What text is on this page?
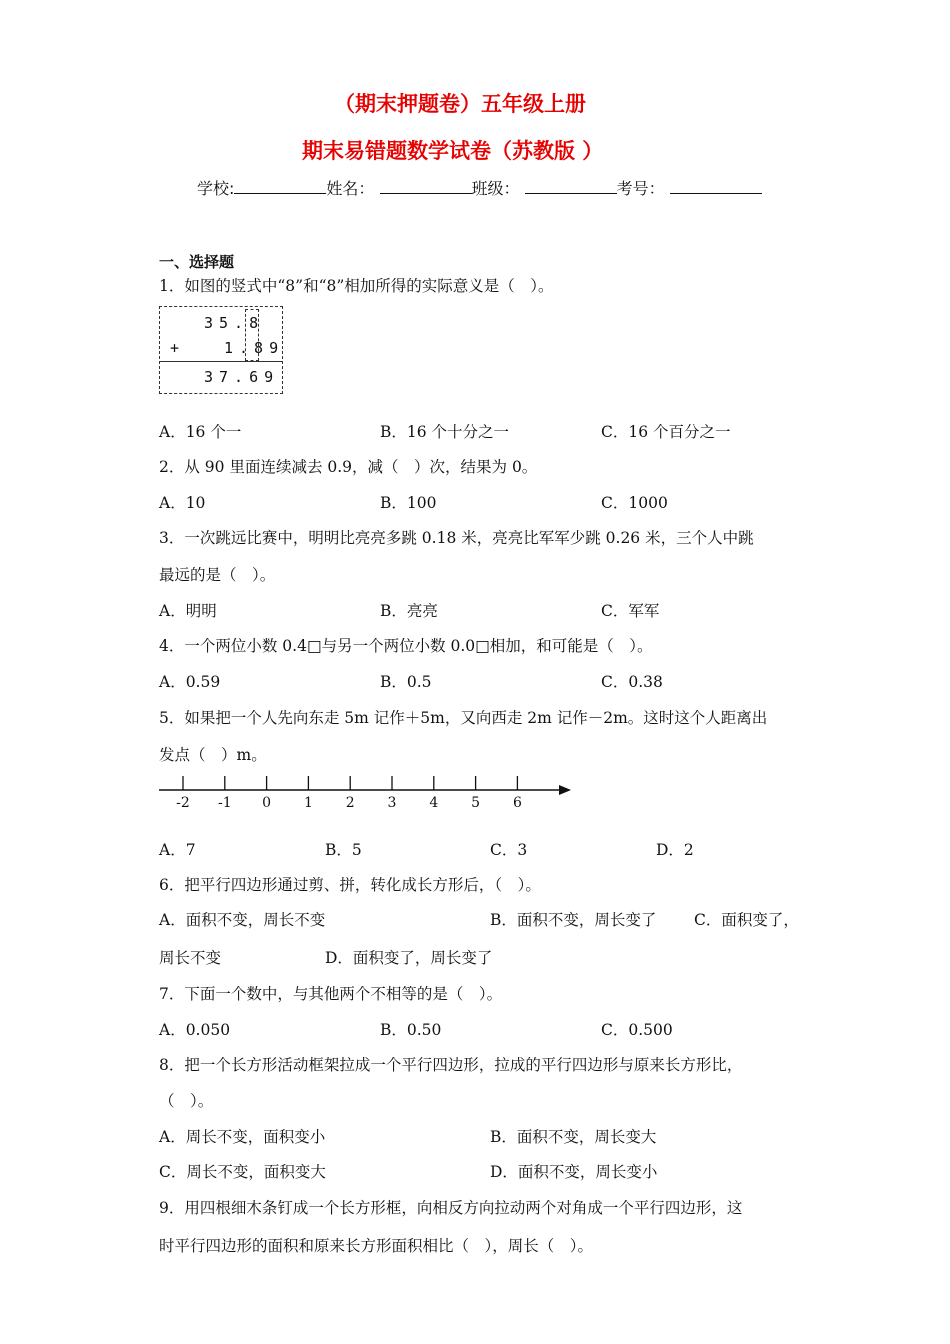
（期末押题卷）五年级上册
期末易错题数学试卷（苏教版 ）
学校:	姓名：	班级：	考号：
一、选择题
1．如图的竖式中“8”和“8”相加所得的实际意义是（　）。
35.8
+	1.89
37.69
A．16 个一	B．16 个十分之一	C．16 个百分之一
2．从 90 里面连续减去 0.9，减（　）次，结果为 0。
A．10	B．100	C．1000
3．一次跳远比赛中，明明比亮亮多跳 0.18 米，亮亮比军军少跳 0.26 米，三个人中跳
最远的是（　）。
A．明明	B．亮亮	C．军军
4．一个两位小数 0.4□与另一个两位小数 0.0□相加，和可能是（　）。
A．0.59	B．0.5	C．0.38
5．如果把一个人先向东走 5m 记作＋5m，又向西走 2m 记作－2m。这时这个人距离出
发点（　）m。
-2 -1 0 1 2 3 4 5 6
A．7	B．5	C．3	D．2
6．把平行四边形通过剪、拼，转化成长方形后，（　）。
A．面积不变，周长不变	B．面积不变，周长变了 C．面积变了，
周长不变	D．面积变了，周长变了
7．下面一个数中，与其他两个不相等的是（　）。
A．0.050	B．0.50	C．0.500
8．把一个长方形活动框架拉成一个平行四边形，拉成的平行四边形与原来长方形比，
（　）。
A．周长不变，面积变小	B．面积不变，周长变大
C．周长不变，面积变大	D．面积不变，周长变小
9．用四根细木条钉成一个长方形框，向相反方向拉动两个对角成一个平行四边形，这
时平行四边形的面积和原来长方形面积相比（　），周长（　）。
